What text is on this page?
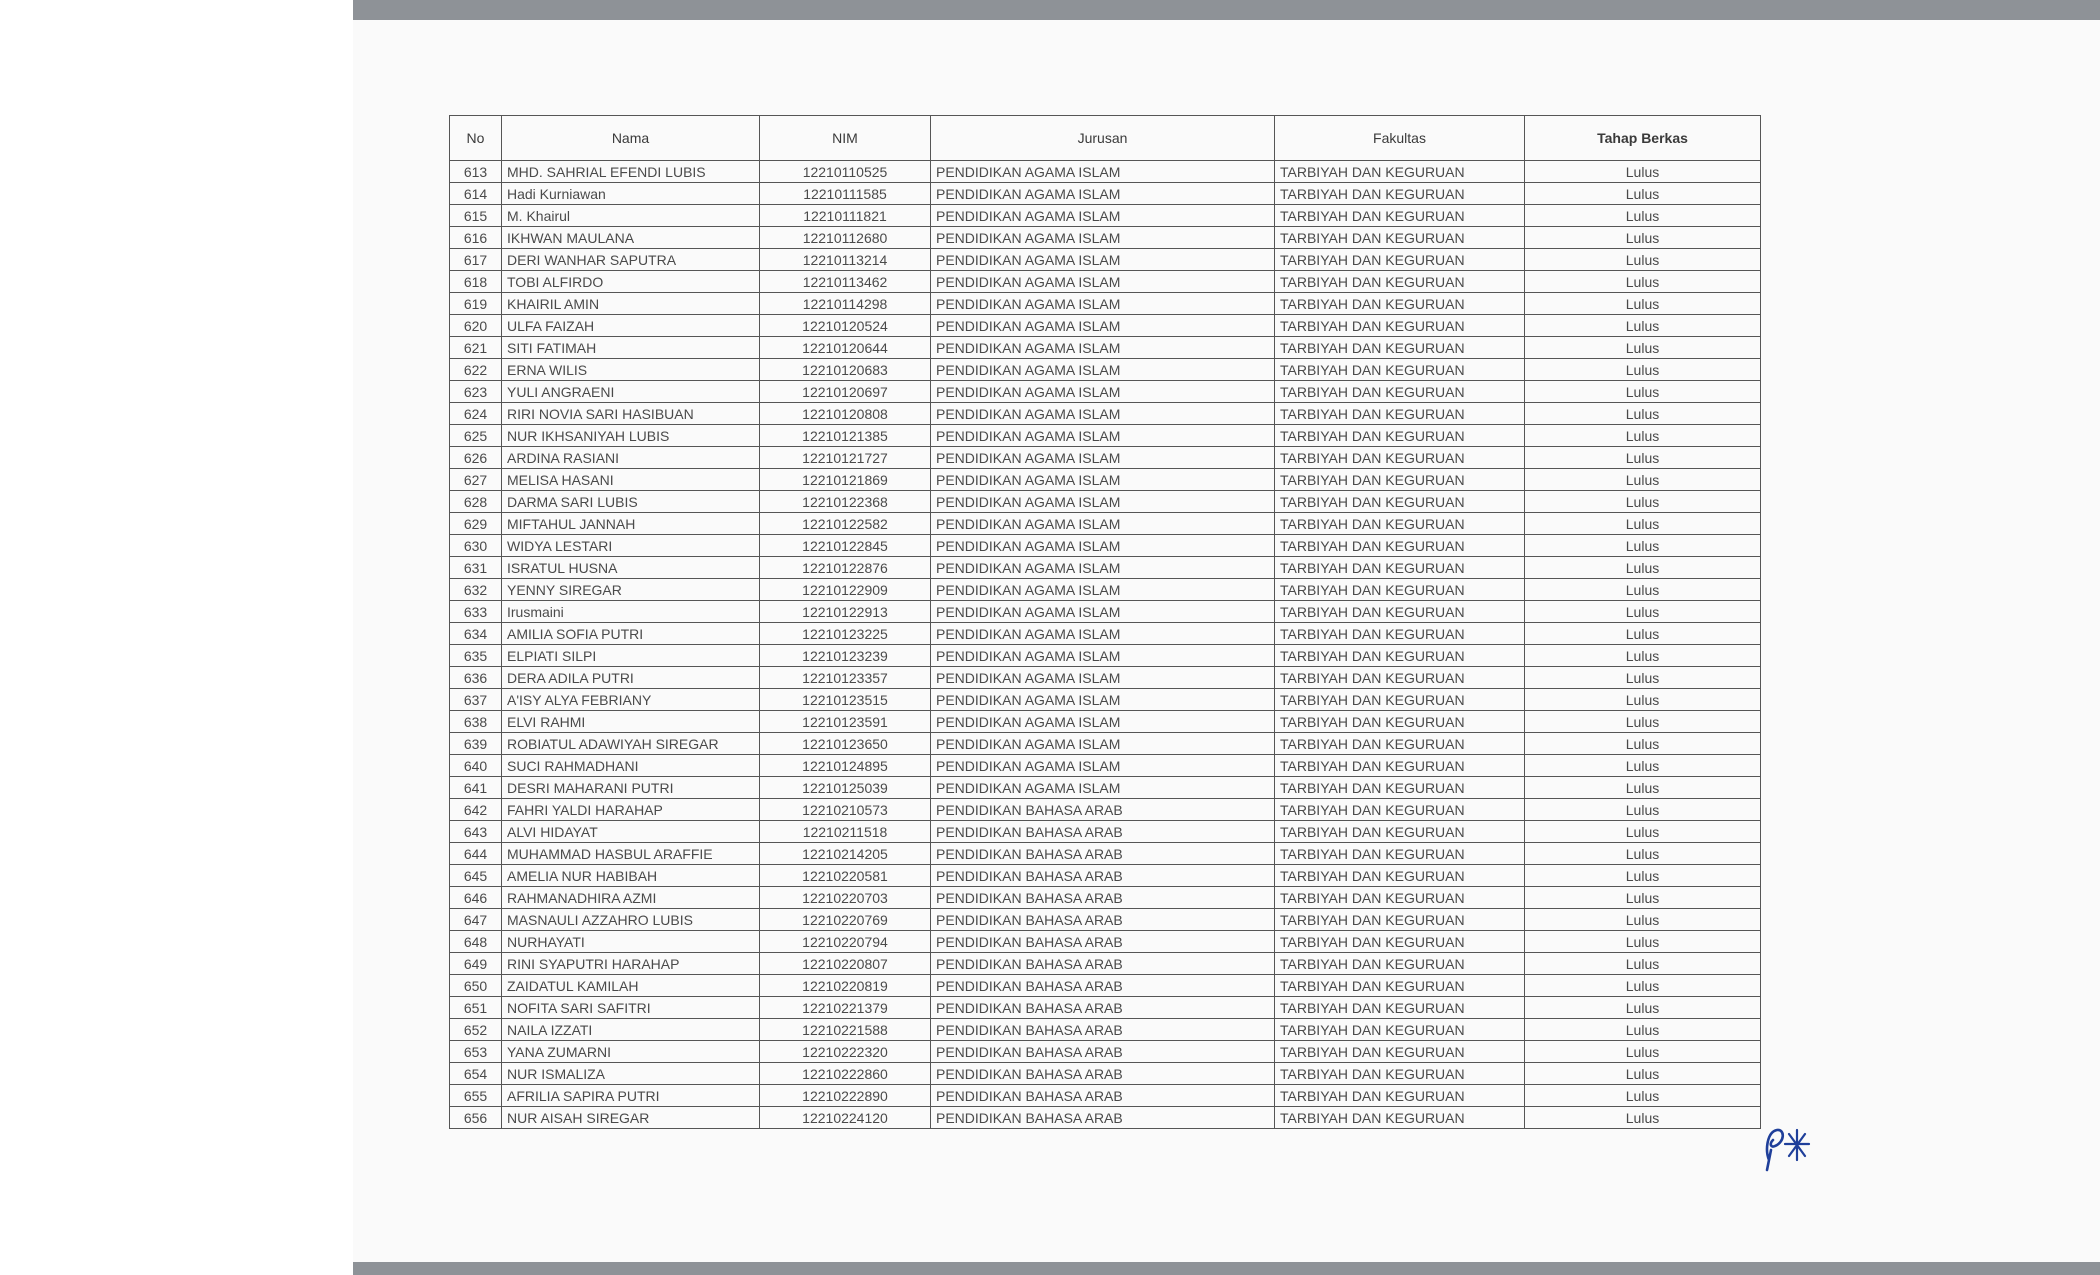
No	Nama	NIM	Jurusan	Fakultas	Tahap Berkas
613	MHD. SAHRIAL EFENDI LUBIS	12210110525	PENDIDIKAN AGAMA ISLAM	TARBIYAH DAN KEGURUAN	Lulus
614	Hadi Kurniawan	12210111585	PENDIDIKAN AGAMA ISLAM	TARBIYAH DAN KEGURUAN	Lulus
615	M. Khairul	12210111821	PENDIDIKAN AGAMA ISLAM	TARBIYAH DAN KEGURUAN	Lulus
616	IKHWAN MAULANA	12210112680	PENDIDIKAN AGAMA ISLAM	TARBIYAH DAN KEGURUAN	Lulus
617	DERI WANHAR SAPUTRA	12210113214	PENDIDIKAN AGAMA ISLAM	TARBIYAH DAN KEGURUAN	Lulus
618	TOBI ALFIRDO	12210113462	PENDIDIKAN AGAMA ISLAM	TARBIYAH DAN KEGURUAN	Lulus
619	KHAIRIL AMIN	12210114298	PENDIDIKAN AGAMA ISLAM	TARBIYAH DAN KEGURUAN	Lulus
620	ULFA FAIZAH	12210120524	PENDIDIKAN AGAMA ISLAM	TARBIYAH DAN KEGURUAN	Lulus
621	SITI FATIMAH	12210120644	PENDIDIKAN AGAMA ISLAM	TARBIYAH DAN KEGURUAN	Lulus
622	ERNA WILIS	12210120683	PENDIDIKAN AGAMA ISLAM	TARBIYAH DAN KEGURUAN	Lulus
623	YULI ANGRAENI	12210120697	PENDIDIKAN AGAMA ISLAM	TARBIYAH DAN KEGURUAN	Lulus
624	RIRI NOVIA SARI HASIBUAN	12210120808	PENDIDIKAN AGAMA ISLAM	TARBIYAH DAN KEGURUAN	Lulus
625	NUR IKHSANIYAH LUBIS	12210121385	PENDIDIKAN AGAMA ISLAM	TARBIYAH DAN KEGURUAN	Lulus
626	ARDINA RASIANI	12210121727	PENDIDIKAN AGAMA ISLAM	TARBIYAH DAN KEGURUAN	Lulus
627	MELISA HASANI	12210121869	PENDIDIKAN AGAMA ISLAM	TARBIYAH DAN KEGURUAN	Lulus
628	DARMA SARI LUBIS	12210122368	PENDIDIKAN AGAMA ISLAM	TARBIYAH DAN KEGURUAN	Lulus
629	MIFTAHUL JANNAH	12210122582	PENDIDIKAN AGAMA ISLAM	TARBIYAH DAN KEGURUAN	Lulus
630	WIDYA LESTARI	12210122845	PENDIDIKAN AGAMA ISLAM	TARBIYAH DAN KEGURUAN	Lulus
631	ISRATUL HUSNA	12210122876	PENDIDIKAN AGAMA ISLAM	TARBIYAH DAN KEGURUAN	Lulus
632	YENNY SIREGAR	12210122909	PENDIDIKAN AGAMA ISLAM	TARBIYAH DAN KEGURUAN	Lulus
633	Irusmaini	12210122913	PENDIDIKAN AGAMA ISLAM	TARBIYAH DAN KEGURUAN	Lulus
634	AMILIA SOFIA PUTRI	12210123225	PENDIDIKAN AGAMA ISLAM	TARBIYAH DAN KEGURUAN	Lulus
635	ELPIATI SILPI	12210123239	PENDIDIKAN AGAMA ISLAM	TARBIYAH DAN KEGURUAN	Lulus
636	DERA ADILA PUTRI	12210123357	PENDIDIKAN AGAMA ISLAM	TARBIYAH DAN KEGURUAN	Lulus
637	A'ISY ALYA FEBRIANY	12210123515	PENDIDIKAN AGAMA ISLAM	TARBIYAH DAN KEGURUAN	Lulus
638	ELVI RAHMI	12210123591	PENDIDIKAN AGAMA ISLAM	TARBIYAH DAN KEGURUAN	Lulus
639	ROBIATUL ADAWIYAH SIREGAR	12210123650	PENDIDIKAN AGAMA ISLAM	TARBIYAH DAN KEGURUAN	Lulus
640	SUCI RAHMADHANI	12210124895	PENDIDIKAN AGAMA ISLAM	TARBIYAH DAN KEGURUAN	Lulus
641	DESRI MAHARANI PUTRI	12210125039	PENDIDIKAN AGAMA ISLAM	TARBIYAH DAN KEGURUAN	Lulus
642	FAHRI YALDI HARAHAP	12210210573	PENDIDIKAN BAHASA ARAB	TARBIYAH DAN KEGURUAN	Lulus
643	ALVI HIDAYAT	12210211518	PENDIDIKAN BAHASA ARAB	TARBIYAH DAN KEGURUAN	Lulus
644	MUHAMMAD HASBUL ARAFFIE	12210214205	PENDIDIKAN BAHASA ARAB	TARBIYAH DAN KEGURUAN	Lulus
645	AMELIA NUR HABIBAH	12210220581	PENDIDIKAN BAHASA ARAB	TARBIYAH DAN KEGURUAN	Lulus
646	RAHMANADHIRA AZMI	12210220703	PENDIDIKAN BAHASA ARAB	TARBIYAH DAN KEGURUAN	Lulus
647	MASNAULI AZZAHRO LUBIS	12210220769	PENDIDIKAN BAHASA ARAB	TARBIYAH DAN KEGURUAN	Lulus
648	NURHAYATI	12210220794	PENDIDIKAN BAHASA ARAB	TARBIYAH DAN KEGURUAN	Lulus
649	RINI SYAPUTRI HARAHAP	12210220807	PENDIDIKAN BAHASA ARAB	TARBIYAH DAN KEGURUAN	Lulus
650	ZAIDATUL KAMILAH	12210220819	PENDIDIKAN BAHASA ARAB	TARBIYAH DAN KEGURUAN	Lulus
651	NOFITA SARI SAFITRI	12210221379	PENDIDIKAN BAHASA ARAB	TARBIYAH DAN KEGURUAN	Lulus
652	NAILA IZZATI	12210221588	PENDIDIKAN BAHASA ARAB	TARBIYAH DAN KEGURUAN	Lulus
653	YANA ZUMARNI	12210222320	PENDIDIKAN BAHASA ARAB	TARBIYAH DAN KEGURUAN	Lulus
654	NUR ISMALIZA	12210222860	PENDIDIKAN BAHASA ARAB	TARBIYAH DAN KEGURUAN	Lulus
655	AFRILIA SAPIRA PUTRI	12210222890	PENDIDIKAN BAHASA ARAB	TARBIYAH DAN KEGURUAN	Lulus
656	NUR AISAH SIREGAR	12210224120	PENDIDIKAN BAHASA ARAB	TARBIYAH DAN KEGURUAN	Lulus
